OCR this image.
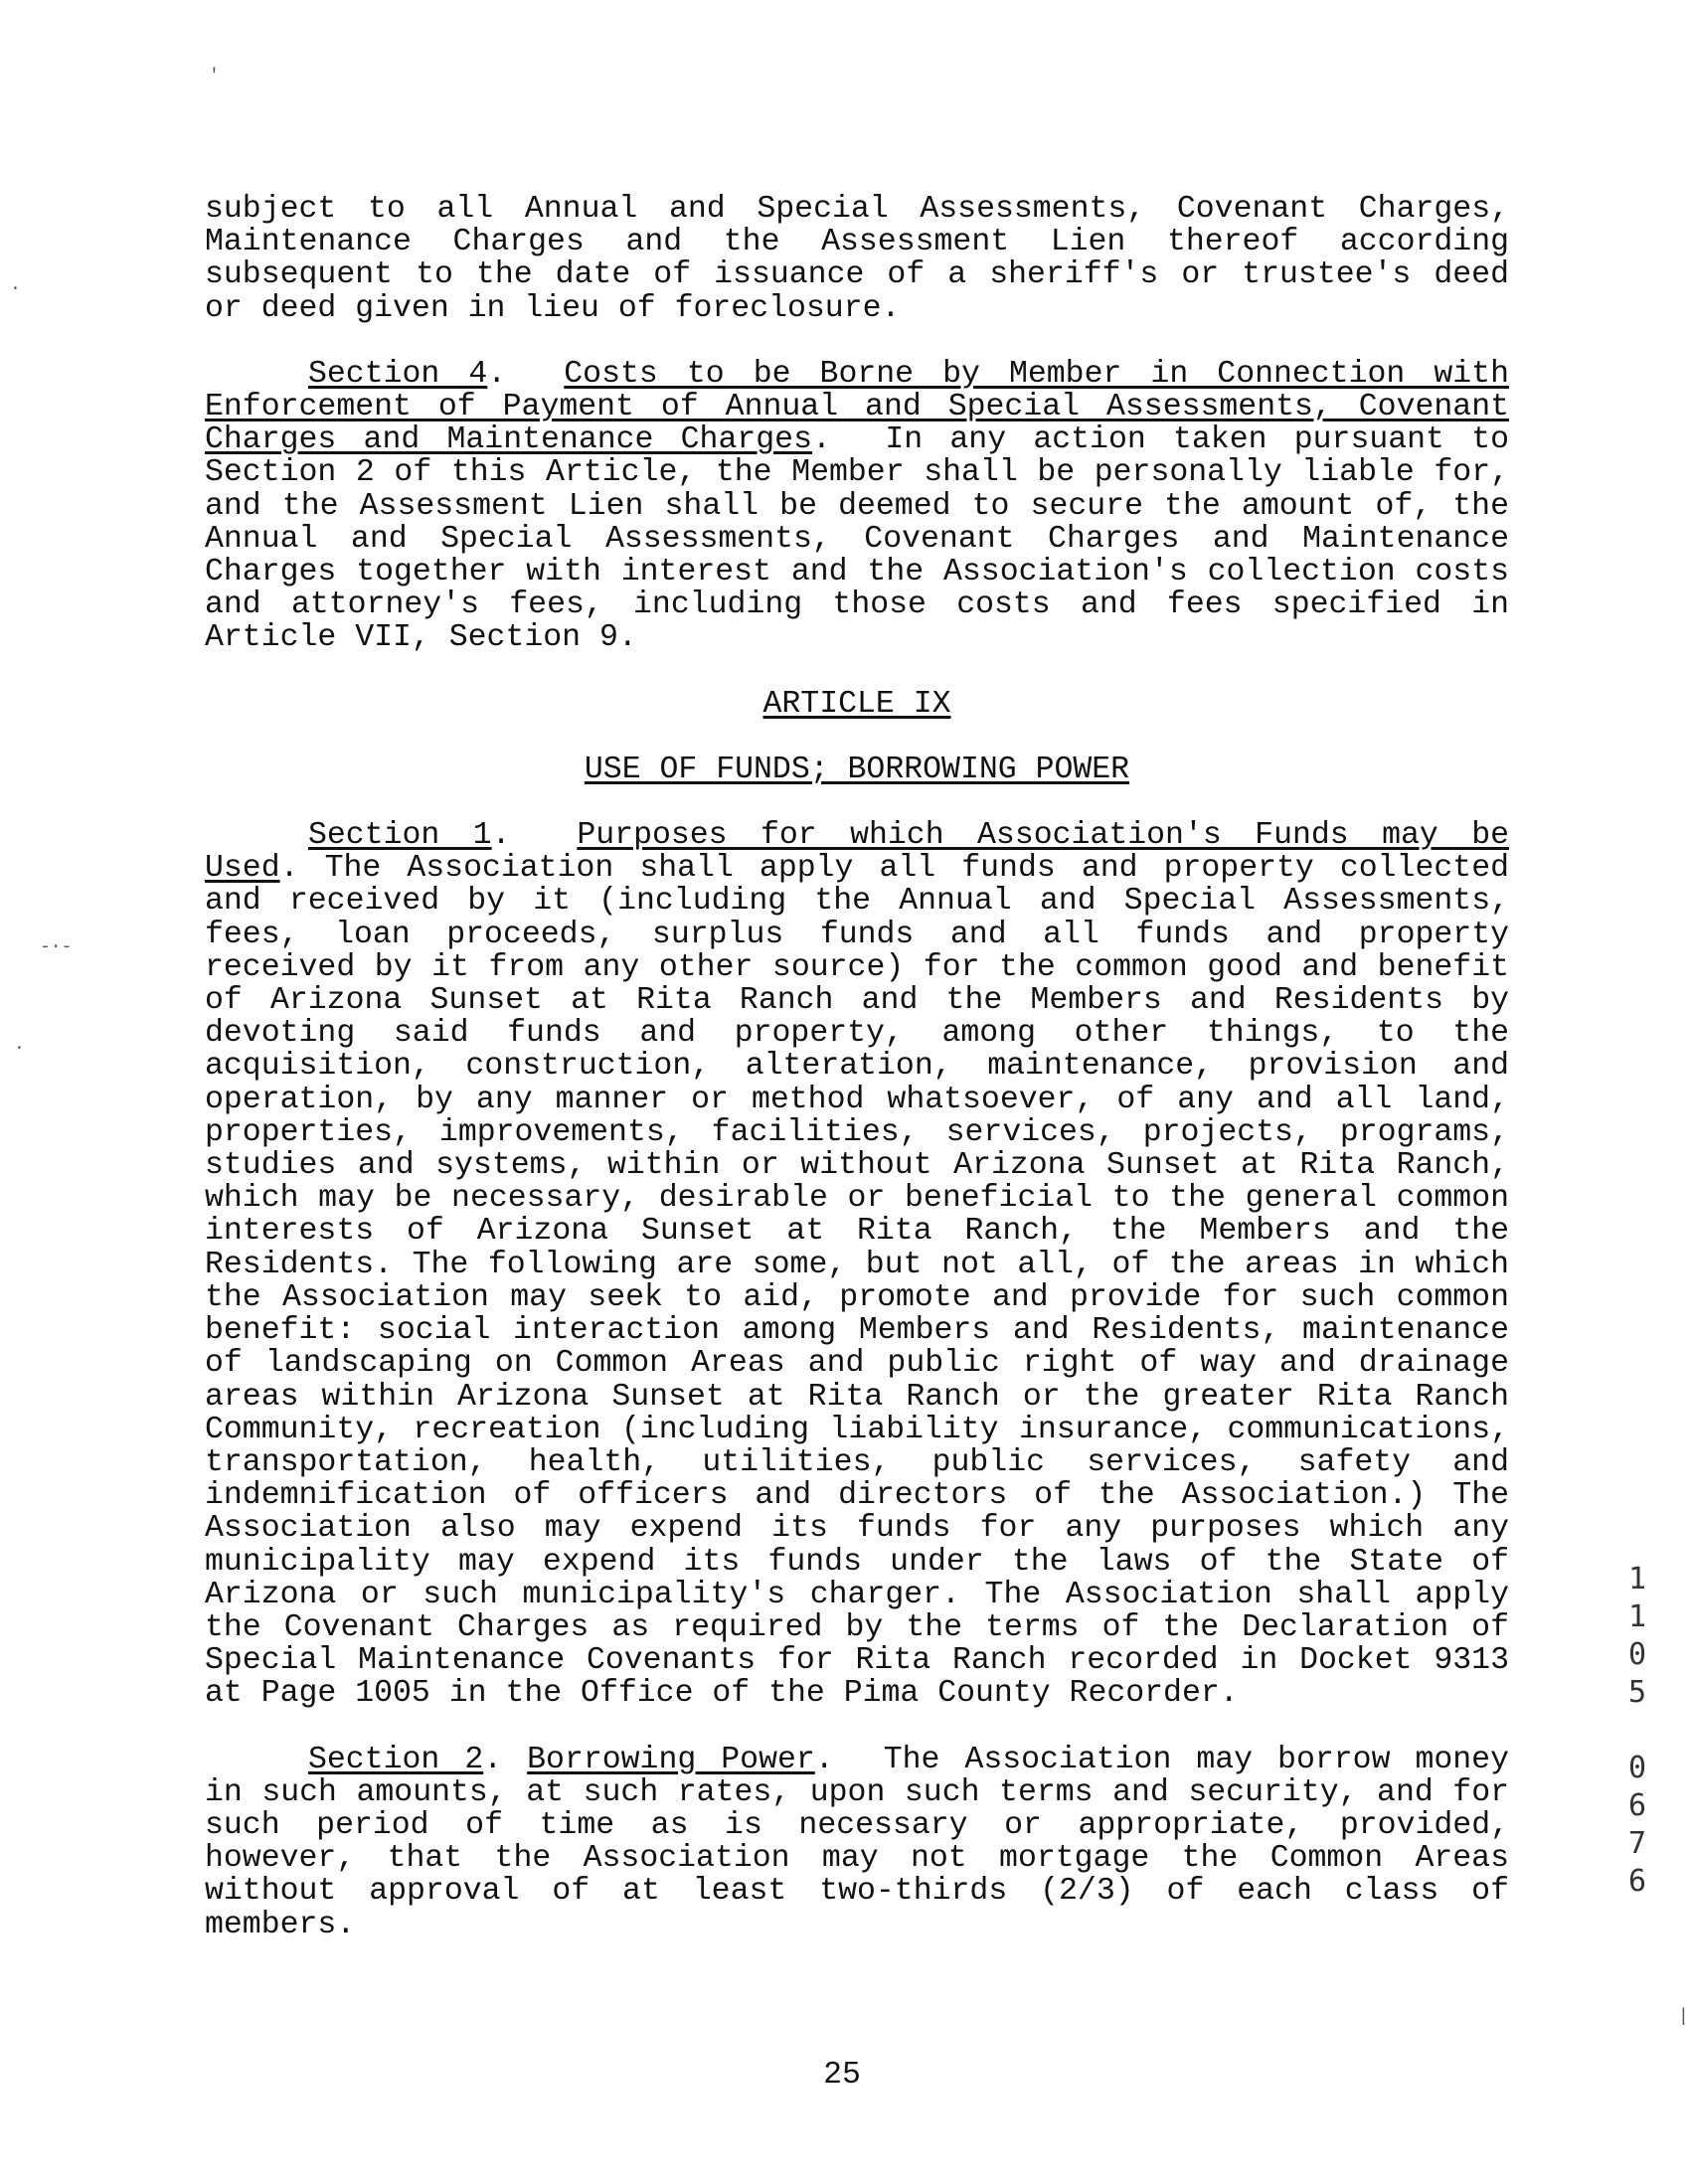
subject to all Annual and Special Assessments, Covenant Charges, Maintenance Charges and the Assessment Lien thereof according subsequent to the date of issuance of a sheriff's or trustee's deed or deed given in lieu of foreclosure.

Section 4.  Costs to be Borne by Member in Connection with Enforcement of Payment of Annual and Special Assessments, Covenant Charges and Maintenance Charges.  In any action taken pursuant to Section 2 of this Article, the Member shall be personally liable for, and the Assessment Lien shall be deemed to secure the amount of, the Annual and Special Assessments, Covenant Charges and Maintenance Charges together with interest and the Association's collection costs and attorney's fees, including those costs and fees specified in Article VII, Section 9.

ARTICLE IX

USE OF FUNDS; BORROWING POWER

Section 1.  Purposes for which Association's Funds may be Used. The Association shall apply all funds and property collected and received by it (including the Annual and Special Assessments, fees, loan proceeds, surplus funds and all funds and property received by it from any other source) for the common good and benefit of Arizona Sunset at Rita Ranch and the Members and Residents by devoting said funds and property, among other things, to the acquisition, construction, alteration, maintenance, provision and operation, by any manner or method whatsoever, of any and all land, properties, improvements, facilities, services, projects, programs, studies and systems, within or without Arizona Sunset at Rita Ranch, which may be necessary, desirable or beneficial to the general common interests of Arizona Sunset at Rita Ranch, the Members and the Residents. The following are some, but not all, of the areas in which the Association may seek to aid, promote and provide for such common benefit: social interaction among Members and Residents, maintenance of landscaping on Common Areas and public right of way and drainage areas within Arizona Sunset at Rita Ranch or the greater Rita Ranch Community, recreation (including liability insurance, communications, transportation, health, utilities, public services, safety and indemnification of officers and directors of the Association.) The Association also may expend its funds for any purposes which any municipality may expend its funds under the laws of the State of Arizona or such municipality's charger. The Association shall apply the Covenant Charges as required by the terms of the Declaration of Special Maintenance Covenants for Rita Ranch recorded in Docket 9313 at Page 1005 in the Office of the Pima County Recorder.

Section 2. Borrowing Power.  The Association may borrow money in such amounts, at such rates, upon such terms and security, and for such period of time as is necessary or appropriate, provided, however, that the Association may not mortgage the Common Areas without approval of at least two-thirds (2/3) of each class of members.

25
1
1
0
5
0
6
7
6
'
·
-·-
·
|
